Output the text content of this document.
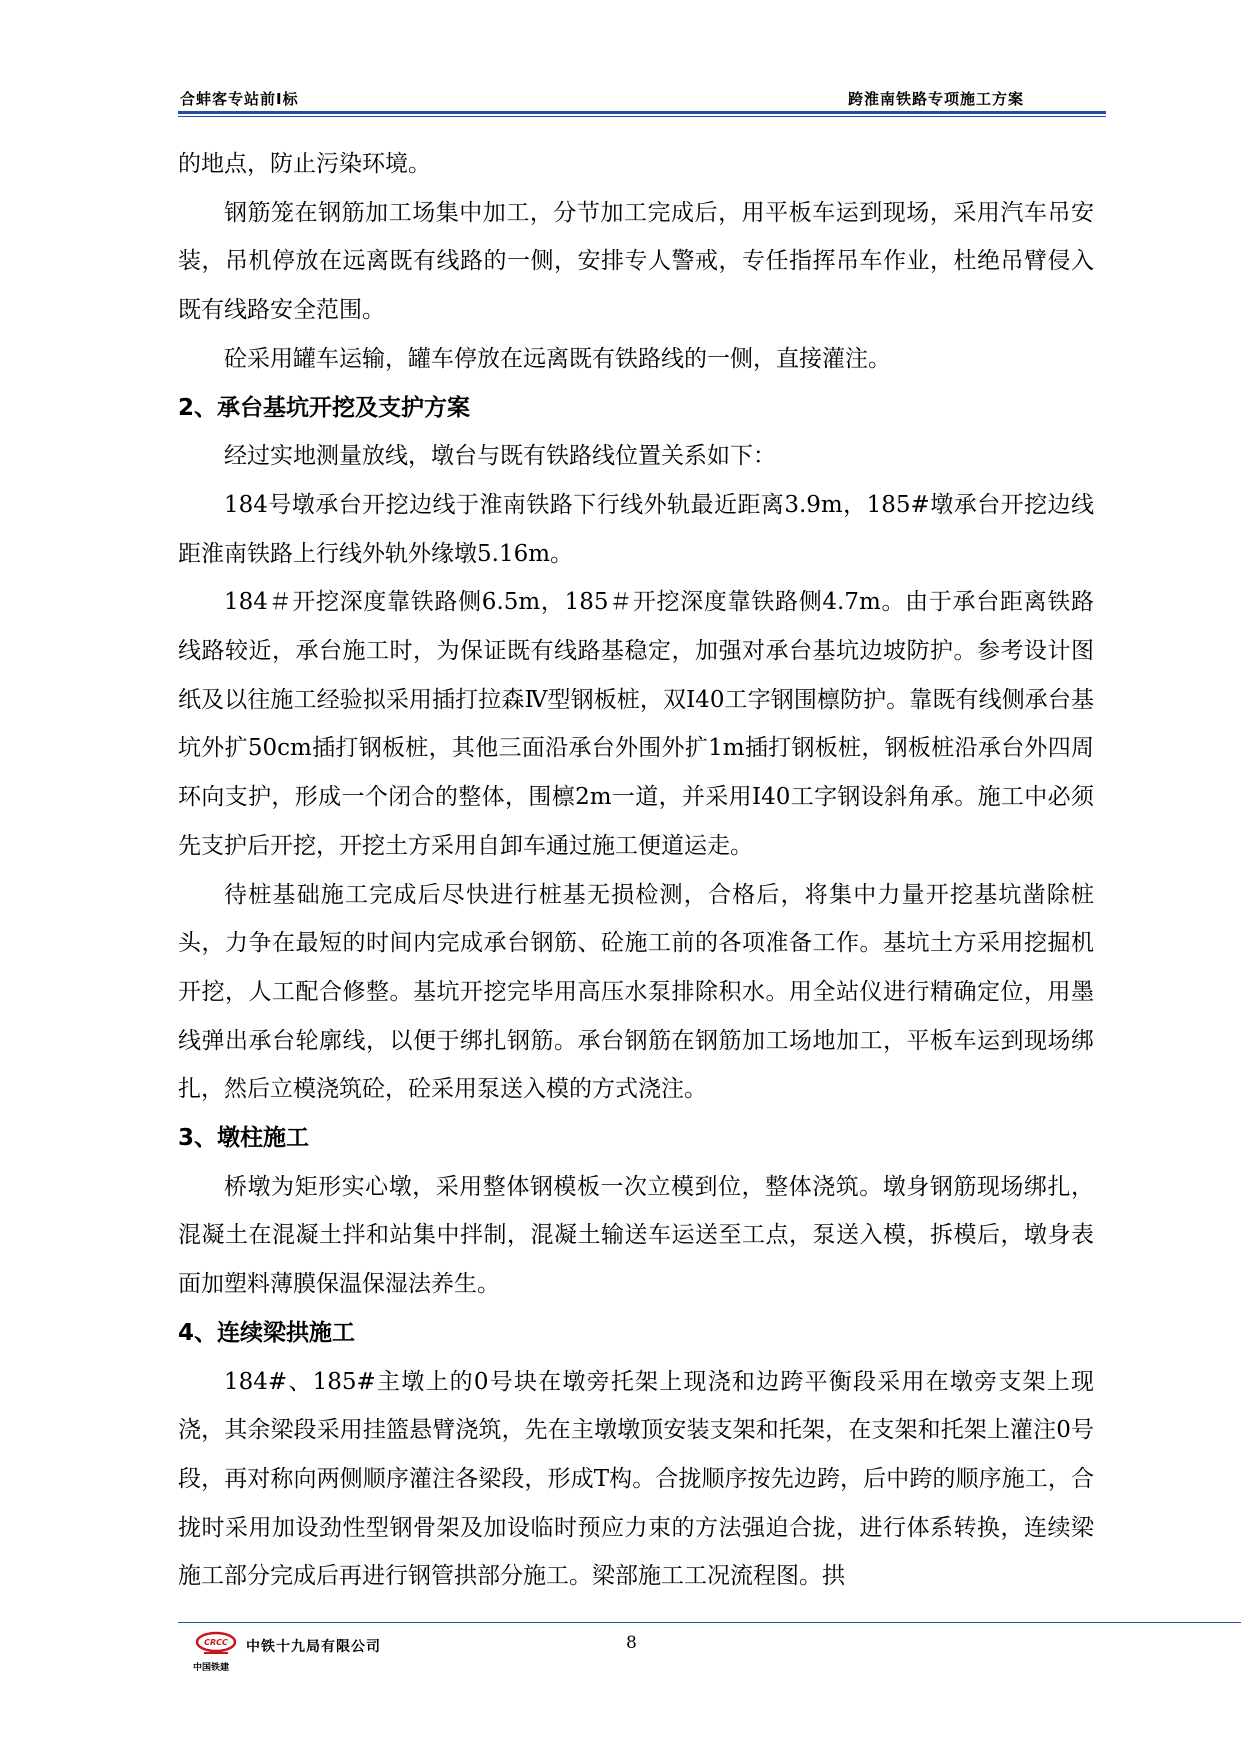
合蚌客专站前Ⅰ标	跨淮南铁路专项施工方案

的地点，防止污染环境。

钢筋笼在钢筋加工场集中加工，分节加工完成后，用平板车运到现场，采用汽车吊安装，吊机停放在远离既有线路的一侧，安排专人警戒，专任指挥吊车作业，杜绝吊臂侵入既有线路安全范围。

砼采用罐车运输，罐车停放在远离既有铁路线的一侧，直接灌注。

2、承台基坑开挖及支护方案

经过实地测量放线，墩台与既有铁路线位置关系如下：

184号墩承台开挖边线于淮南铁路下行线外轨最近距离3.9m，185#墩承台开挖边线距淮南铁路上行线外轨外缘墩5.16m。

184＃开挖深度靠铁路侧6.5m，185＃开挖深度靠铁路侧4.7m。由于承台距离铁路线路较近，承台施工时，为保证既有线路基稳定，加强对承台基坑边坡防护。参考设计图纸及以往施工经验拟采用插打拉森Ⅳ型钢板桩，双I40工字钢围檩防护。靠既有线侧承台基坑外扩50cm插打钢板桩，其他三面沿承台外围外扩1m插打钢板桩，钢板桩沿承台外四周环向支护，形成一个闭合的整体，围檩2m一道，并采用I40工字钢设斜角承。施工中必须先支护后开挖，开挖土方采用自卸车通过施工便道运走。

待桩基础施工完成后尽快进行桩基无损检测，合格后，将集中力量开挖基坑凿除桩头，力争在最短的时间内完成承台钢筋、砼施工前的各项准备工作。基坑土方采用挖掘机开挖，人工配合修整。基坑开挖完毕用高压水泵排除积水。用全站仪进行精确定位，用墨线弹出承台轮廓线，以便于绑扎钢筋。承台钢筋在钢筋加工场地加工，平板车运到现场绑扎，然后立模浇筑砼，砼采用泵送入模的方式浇注。

3、墩柱施工

桥墩为矩形实心墩，采用整体钢模板一次立模到位，整体浇筑。墩身钢筋现场绑扎，混凝土在混凝土拌和站集中拌制，混凝土输送车运送至工点，泵送入模，拆模后，墩身表面加塑料薄膜保温保湿法养生。

4、连续梁拱施工

184#、185#主墩上的0号块在墩旁托架上现浇和边跨平衡段采用在墩旁支架上现浇，其余梁段采用挂篮悬臂浇筑，先在主墩墩顶安装支架和托架，在支架和托架上灌注0号段，再对称向两侧顺序灌注各梁段，形成T构。合拢顺序按先边跨，后中跨的顺序施工，合拢时采用加设劲性型钢骨架及加设临时预应力束的方法强迫合拢，进行体系转换，连续梁施工部分完成后再进行钢管拱部分施工。梁部施工工况流程图。拱

CRCC
中国铁建
中铁十九局有限公司	8
